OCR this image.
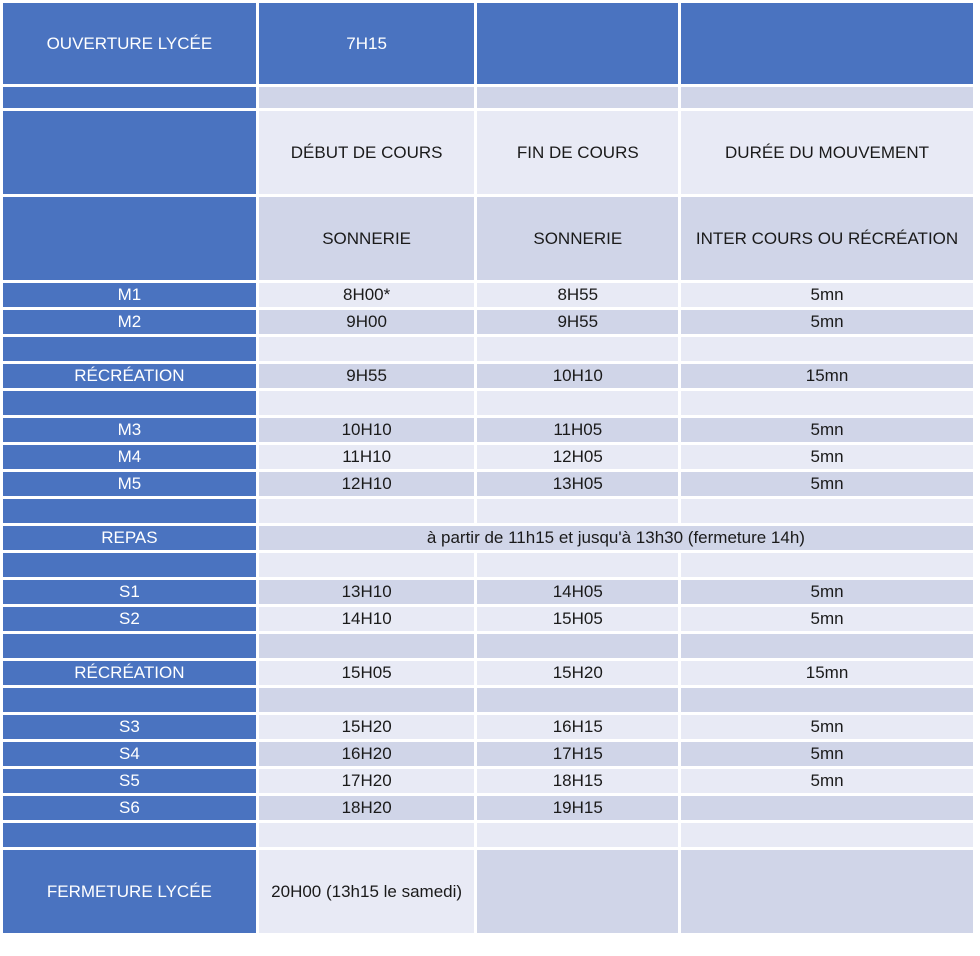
OUVERTURE LYCÉE	7H15		

	DÉBUT DE COURS	FIN DE COURS	DURÉE DU MOUVEMENT
	SONNERIE	SONNERIE	INTER COURS OU RÉCRÉATION
M1	8H00*	8H55	5mn
M2	9H00	9H55	5mn

RÉCRÉATION	9H55	10H10	15mn

M3	10H10	11H05	5mn
M4	11H10	12H05	5mn
M5	12H10	13H05	5mn

REPAS	à partir de 11h15 et jusqu'à 13h30 (fermeture 14h)		

S1	13H10	14H05	5mn
S2	14H10	15H05	5mn

RÉCRÉATION	15H05	15H20	15mn

S3	15H20	16H15	5mn
S4	16H20	17H15	5mn
S5	17H20	18H15	5mn
S6	18H20	19H15	

FERMETURE LYCÉE	20H00 (13h15 le samedi)		
